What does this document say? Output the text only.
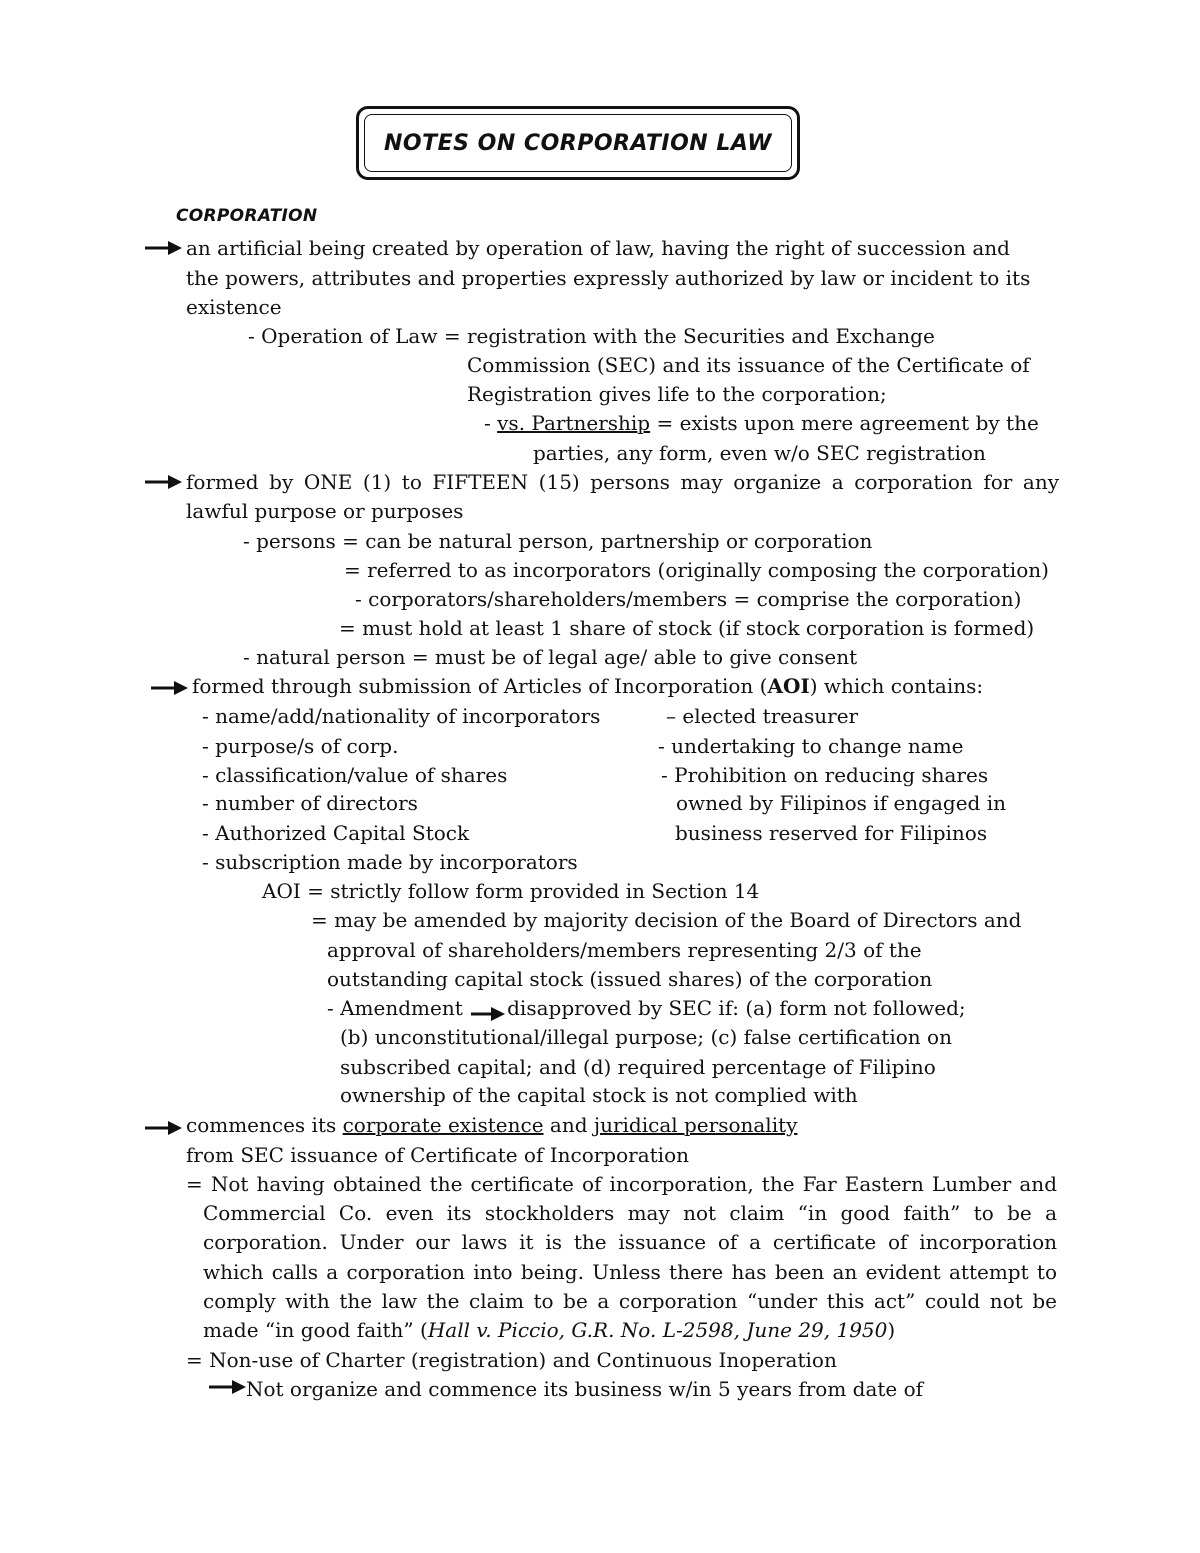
NOTES ON CORPORATION LAW
CORPORATION
an artificial being created by operation of law, having the right of succession and
the powers, attributes and properties expressly authorized by law or incident to its
existence
- Operation of Law = registration with the Securities and Exchange
Commission (SEC) and its issuance of the Certificate of
Registration gives life to the corporation;
- vs. Partnership = exists upon mere agreement by the
parties, any form, even w/o SEC registration
formed by ONE (1) to FIFTEEN (15) persons may organize a corporation for any
lawful purpose or purposes
- persons = can be natural person, partnership or corporation
= referred to as incorporators (originally composing the corporation)
- corporators/shareholders/members = comprise the corporation)
= must hold at least 1 share of stock (if stock corporation is formed)
- natural person = must be of legal age/ able to give consent
formed through submission of Articles of Incorporation (AOI) which contains:
- name/add/nationality of incorporators
- purpose/s of corp.
- classification/value of shares
- number of directors
- Authorized Capital Stock
- subscription made by incorporators
– elected treasurer
- undertaking to change name
- Prohibition on reducing shares
owned by Filipinos if engaged in
business reserved for Filipinos
AOI = strictly follow form provided in Section 14
= may be amended by majority decision of the Board of Directors and
approval of shareholders/members representing 2/3 of the
outstanding capital stock (issued shares) of the corporation
- Amendment disapproved by SEC if: (a) form not followed;
(b) unconstitutional/illegal purpose; (c) false certification on
subscribed capital; and (d) required percentage of Filipino
ownership of the capital stock is not complied with
commences its corporate existence and juridical personality
from SEC issuance of Certificate of Incorporation
= Not having obtained the certificate of incorporation, the Far Eastern Lumber and
Commercial Co. even its stockholders may not claim “in good faith” to be a
corporation. Under our laws it is the issuance of a certificate of incorporation
which calls a corporation into being. Unless there has been an evident attempt to
comply with the law the claim to be a corporation “under this act” could not be
made “in good faith” (Hall v. Piccio, G.R. No. L-2598, June 29, 1950)
= Non-use of Charter (registration) and Continuous Inoperation
Not organize and commence its business w/in 5 years from date of
